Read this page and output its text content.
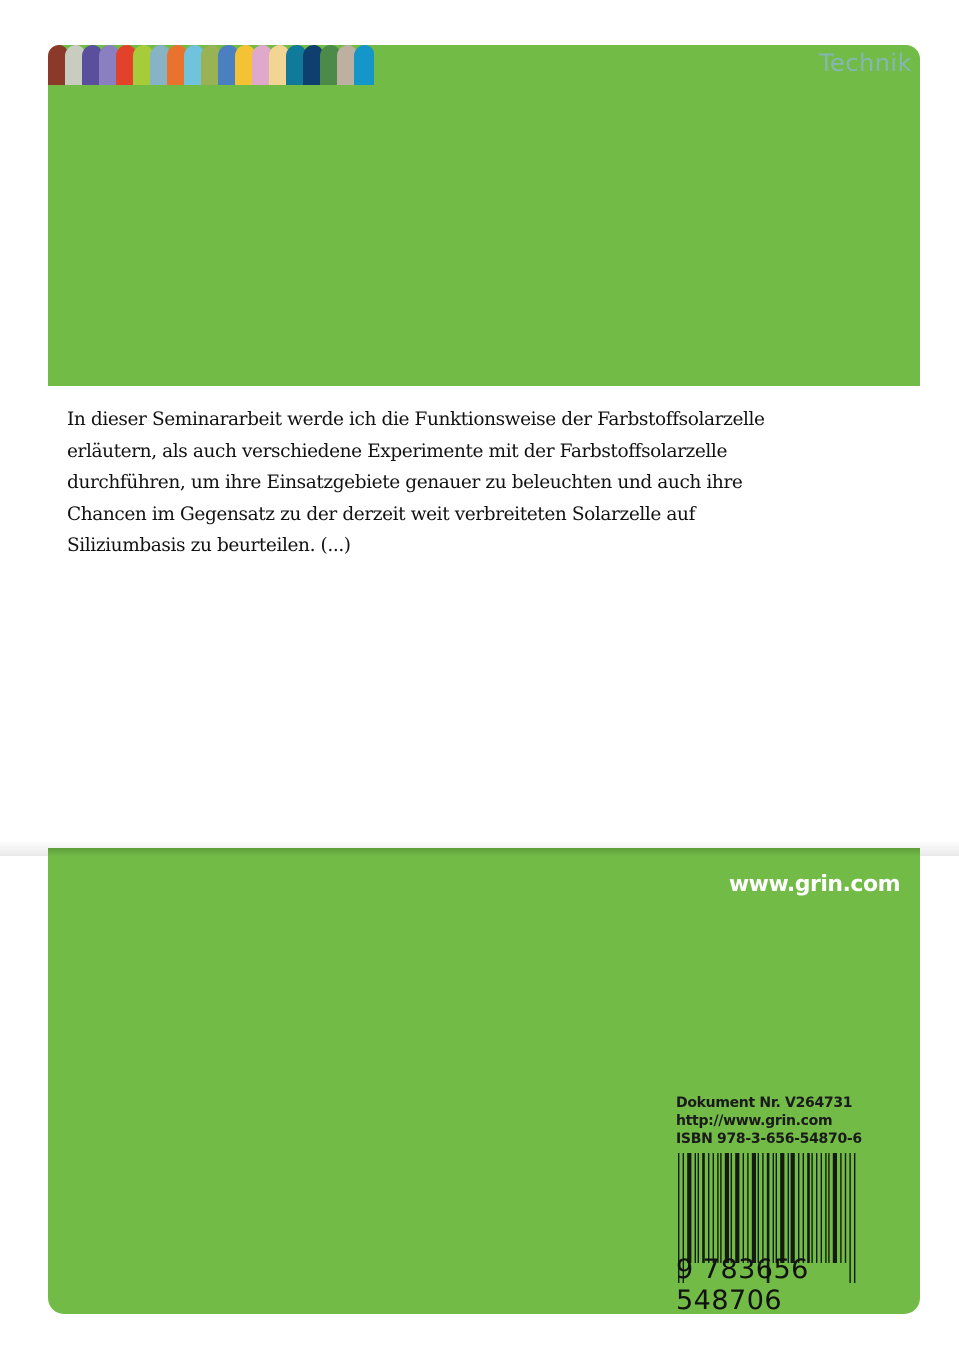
Technik
In dieser Seminararbeit werde ich die Funktionsweise der Farbstoffsolarzelle
erläutern, als auch verschiedene Experimente mit der Farbstoffsolarzelle
durchführen, um ihre Einsatzgebiete genauer zu beleuchten und auch ihre
Chancen im Gegensatz zu der derzeit weit verbreiteten Solarzelle auf
Siliziumbasis zu beurteilen. (...)
www.grin.com
Dokument Nr. V264731
http://www.grin.com
ISBN 978-3-656-54870-6
9 783656 548706
